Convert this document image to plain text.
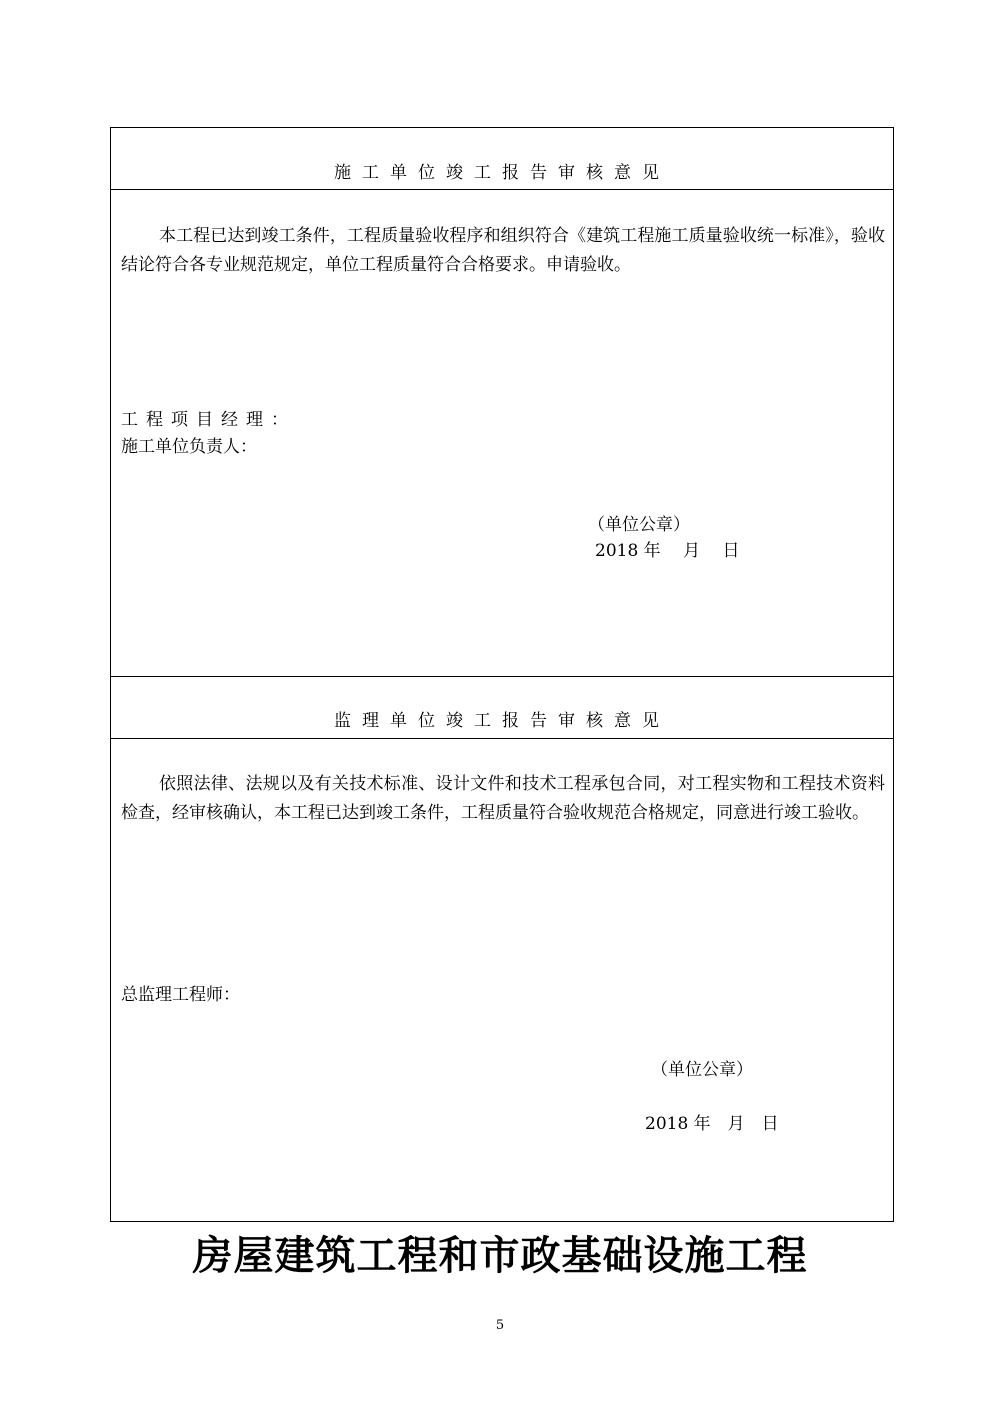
施工单位竣工报告审核意见
本工程已达到竣工条件，工程质量验收程序和组织符合《建筑工程施工质量验收统一标准》，验收结论符合各专业规范规定，单位工程质量符合合格要求。申请验收。
工程项目经理：
施工单位负责人：
（单位公章）
2018 年　 月　 日
监理单位竣工报告审核意见
依照法律、法规以及有关技术标准、设计文件和技术工程承包合同，对工程实物和工程技术资料检查，经审核确认，本工程已达到竣工条件，工程质量符合验收规范合格规定，同意进行竣工验收。
总监理工程师：
（单位公章）
2018 年　月　日
房屋建筑工程和市政基础设施工程
5
